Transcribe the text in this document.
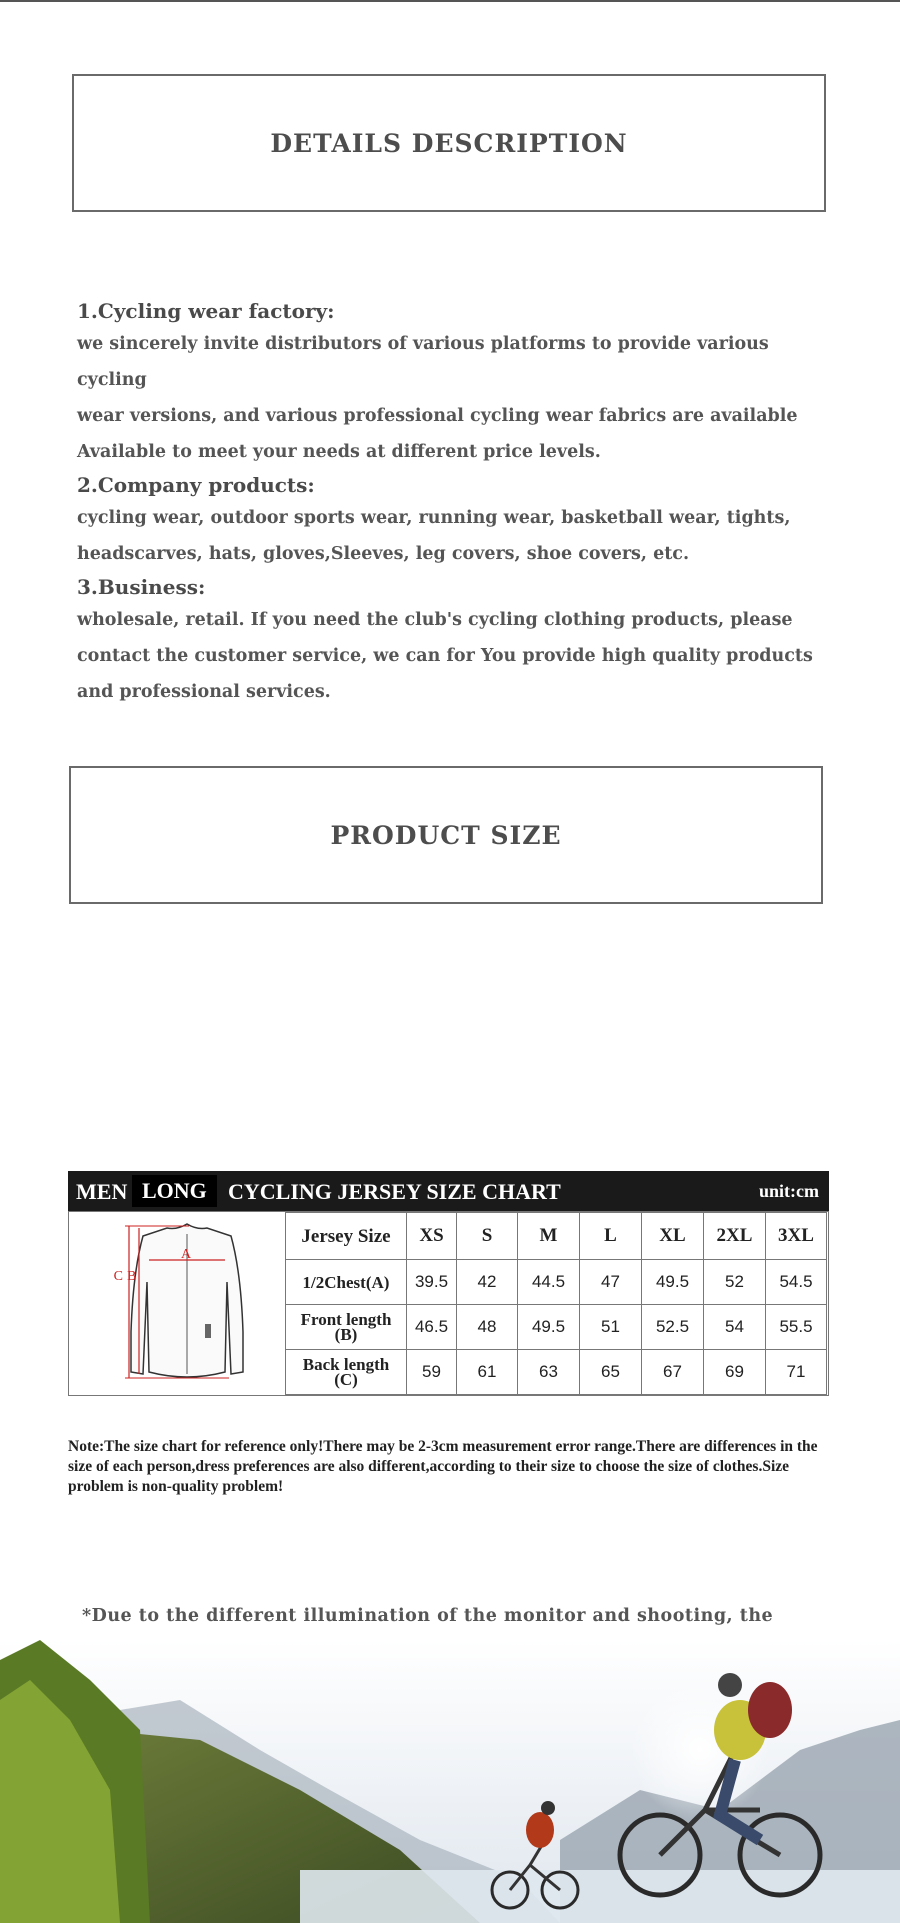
DETAILS DESCRIPTION
1.Cycling wear factory:

we sincerely invite distributors of various platforms to provide various cycling

wear versions, and various professional cycling wear fabrics are available

Available to meet your needs at different price levels.

2.Company products:

cycling wear, outdoor sports wear, running wear, basketball wear, tights,

headscarves, hats, gloves,Sleeves, leg covers, shoe covers, etc.

3.Business:

wholesale, retail. If you need the club's cycling clothing products, please

contact the customer service, we can for You provide high quality products

and professional services.

PRODUCT SIZE
MEN LONG CYCLING JERSEY SIZE CHART	unit:cm
A
C B
Jersey Size	XS	S	M	L	XL	2XL	3XL
1/2Chest(A)	39.5	42	44.5	47	49.5	52	54.5
Front length
(B)	46.5	48	49.5	51	52.5	54	55.5
Back length
(C)	59	61	63	65	67	69	71
Note:The size chart for reference only!There may be 2-3cm measurement error range.There are differences in the size of each person,dress preferences are also different,according to their size to choose the size of clothes.Size problem is non-quality problem!
*Due to the different illumination of the monitor and shooting, the
